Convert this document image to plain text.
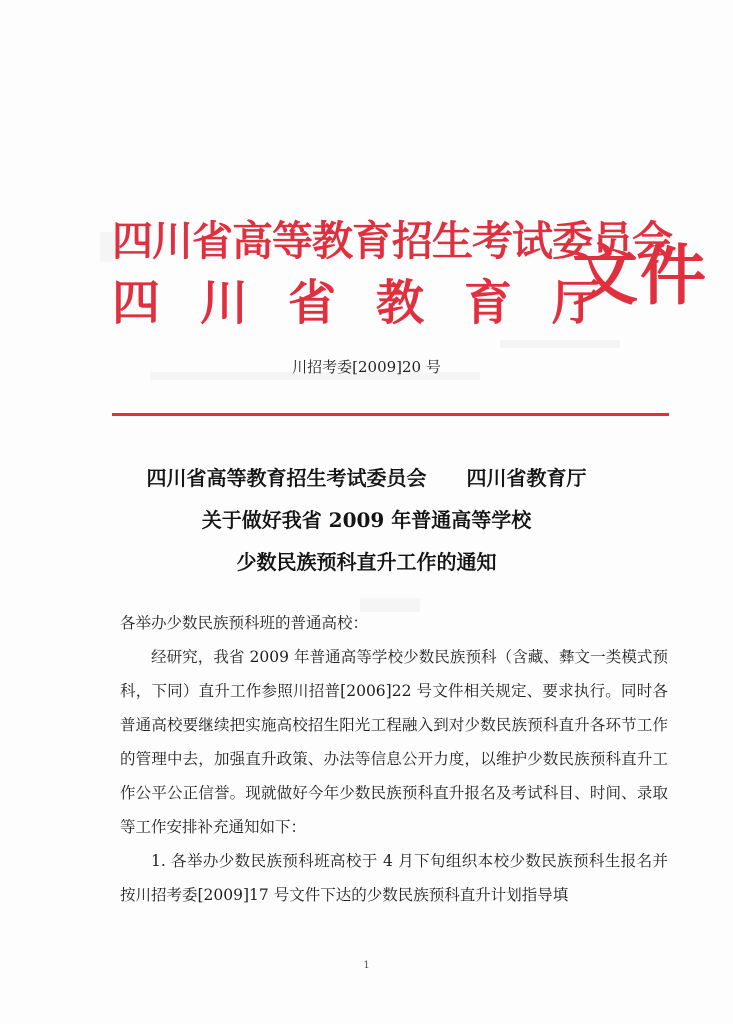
四川省高等教育招生考试委员会
四川省教育厅
文件
川招考委[2009]20 号
四川省高等教育招生考试委员会　　四川省教育厅
关于做好我省 2009 年普通高等学校
少数民族预科直升工作的通知

各举办少数民族预科班的普通高校：

经研究，我省 2009 年普通高等学校少数民族预科（含藏、彝文一类模式预科，下同）直升工作参照川招普[2006]22 号文件相关规定、要求执行。同时各普通高校要继续把实施高校招生阳光工程融入到对少数民族预科直升各环节工作的管理中去，加强直升政策、办法等信息公开力度，以维护少数民族预科直升工作公平公正信誉。现就做好今年少数民族预科直升报名及考试科目、时间、录取等工作安排补充通知如下：

1. 各举办少数民族预科班高校于 4 月下旬组织本校少数民族预科生报名并按川招考委[2009]17 号文件下达的少数民族预科直升计划指导填

1
